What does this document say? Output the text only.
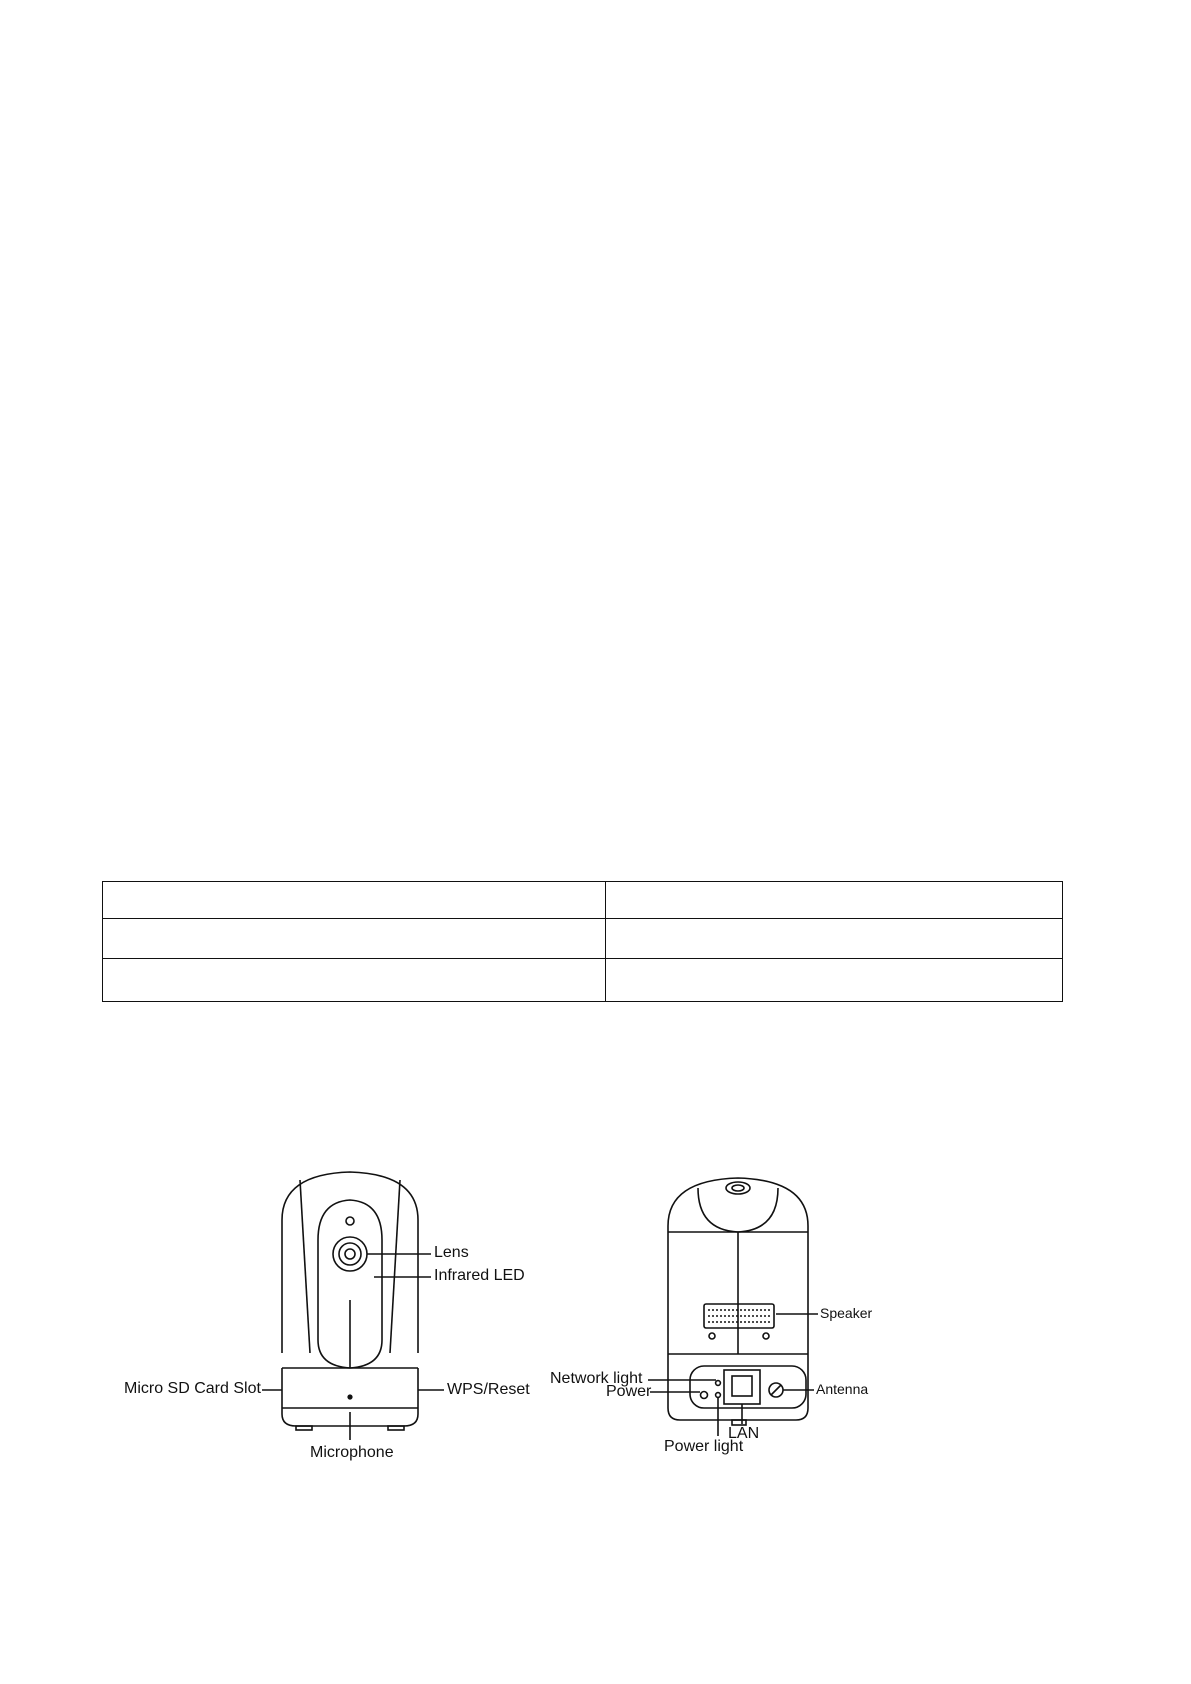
Lens
Infrared LED
Micro SD Card Slot	WPS/Reset
Microphone
Speaker
Network light
Power	Antenna
LAN
Power light
